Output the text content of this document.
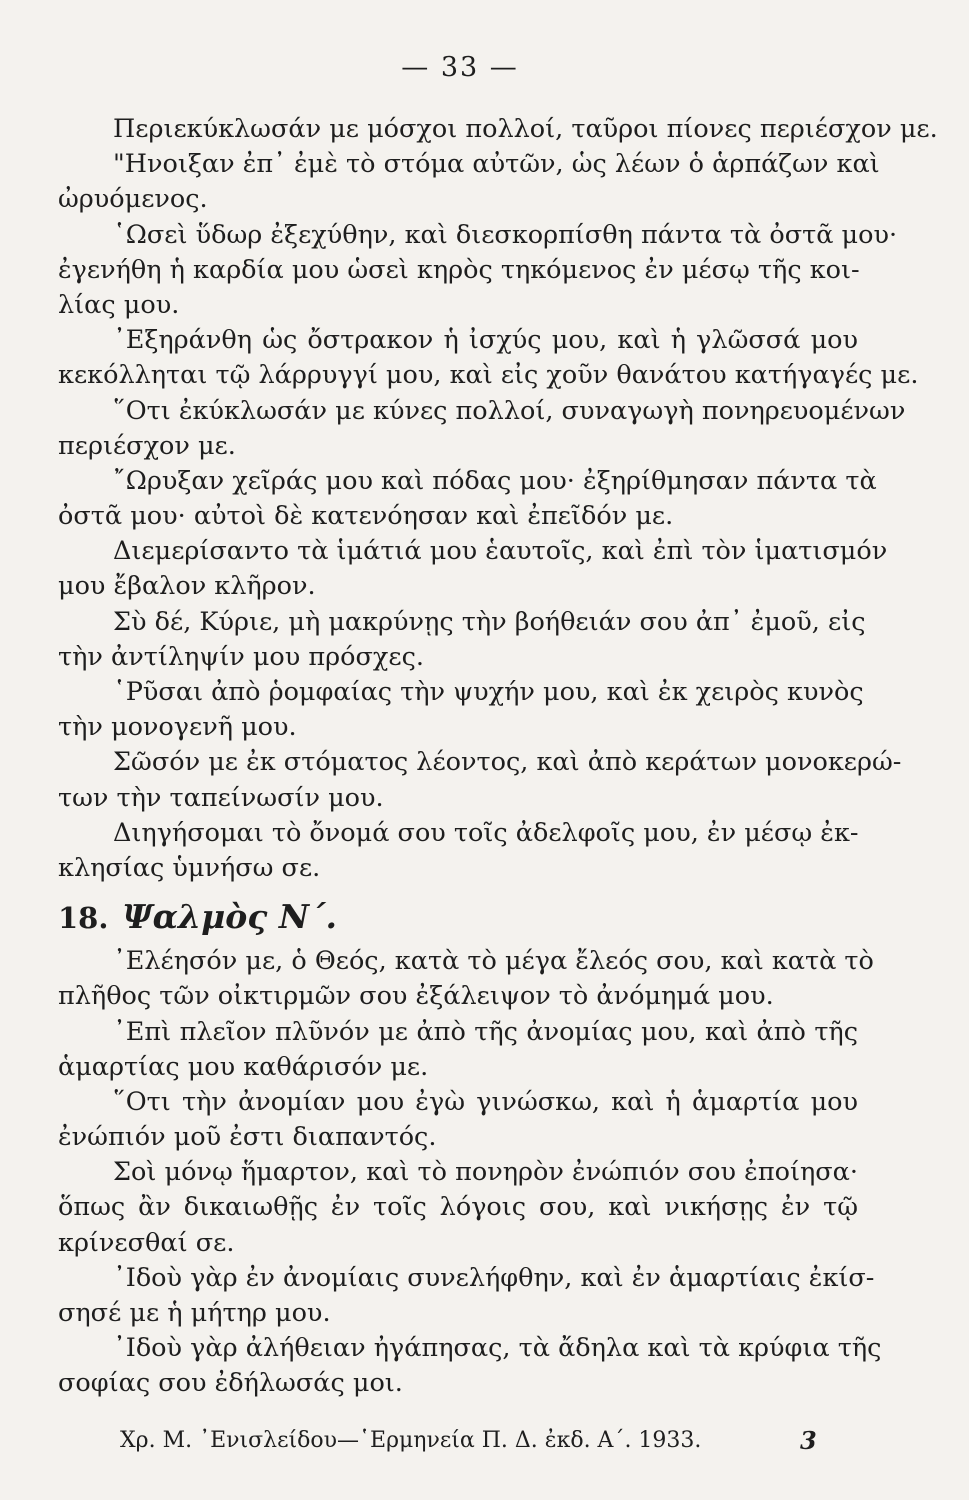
— 33 —
Περιεκύκλωσάν με μόσχοι πολλοί, ταῦροι πίονες περιέσχον με.
"Ηνοιξαν ἐπ᾿ ἐμὲ τὸ στόμα αὐτῶν, ὡς λέων ὁ ἁρπάζων καὶ
ὠρυόμενος.
῾Ωσεὶ ὕδωρ ἐξεχύθην, καὶ διεσκορπίσθη πάντα τὰ ὀστᾶ μου·
ἐγενήθη ἡ καρδία μου ὡσεὶ κηρὸς τηκόμενος ἐν μέσῳ τῆς κοι-
λίας μου.
᾿Εξηράνθη ὡς ὄστρακον ἡ ἰσχύς μου, καὶ ἡ γλῶσσά μου
κεκόλληται τῷ λάρρυγγί μου, καὶ εἰς χοῦν θανάτου κατήγαγές με.
῞Οτι ἐκύκλωσάν με κύνες πολλοί, συναγωγὴ πονηρευομένων
περιέσχον με.
῎Ωρυξαν χεῖράς μου καὶ πόδας μου· ἐξηρίθμησαν πάντα τὰ
ὀστᾶ μου· αὐτοὶ δὲ κατενόησαν καὶ ἐπεῖδόν με.
Διεμερίσαντο τὰ ἱμάτιά μου ἑαυτοῖς, καὶ ἐπὶ τὸν ἱματισμόν
μου ἔβαλον κλῆρον.
Σὺ δέ, Κύριε, μὴ μακρύνῃς τὴν βοήθειάν σου ἀπ᾿ ἐμοῦ, εἰς
τὴν ἀντίληψίν μου πρόσχες.
῾Ρῦσαι ἀπὸ ῥομφαίας τὴν ψυχήν μου, καὶ ἐκ χειρὸς κυνὸς
τὴν μονογενῆ μου.
Σῶσόν με ἐκ στόματος λέοντος, καὶ ἀπὸ κεράτων μονοκερώ-
των τὴν ταπείνωσίν μου.
Διηγήσομαι τὸ ὄνομά σου τοῖς ἀδελφοῖς μου, ἐν μέσῳ ἐκ-
κλησίας ὑμνήσω σε.
18. Ψαλμὸς Ν΄.
᾿Ελέησόν με, ὁ Θεός, κατὰ τὸ μέγα ἔλεός σου, καὶ κατὰ τὸ
πλῆθος τῶν οἰκτιρμῶν σου ἐξάλειψον τὸ ἀνόμημά μου.
᾿Επὶ πλεῖον πλῦνόν με ἀπὸ τῆς ἀνομίας μου, καὶ ἀπὸ τῆς
ἁμαρτίας μου καθάρισόν με.
῞Οτι τὴν ἀνομίαν μου ἐγὼ γινώσκω, καὶ ἡ ἁμαρτία μου
ἐνώπιόν μοῦ ἐστι διαπαντός.
Σοὶ μόνῳ ἥμαρτον, καὶ τὸ πονηρὸν ἐνώπιόν σου ἐποίησα·
ὅπως ἂν δικαιωθῇς ἐν τοῖς λόγοις σου, καὶ νικήσῃς ἐν τῷ
κρίνεσθαί σε.
᾿Ιδοὺ γὰρ ἐν ἀνομίαις συνελήφθην, καὶ ἐν ἁμαρτίαις ἐκίσ-
σησέ με ἡ μήτηρ μου.
᾿Ιδοὺ γὰρ ἀλήθειαν ἠγάπησας, τὰ ἄδηλα καὶ τὰ κρύφια τῆς
σοφίας σου ἐδήλωσάς μοι.
Χρ. Μ. ᾿Ενισλείδου—῾Ερμηνεία Π. Δ. ἐκδ. Α΄. 1933.	3
